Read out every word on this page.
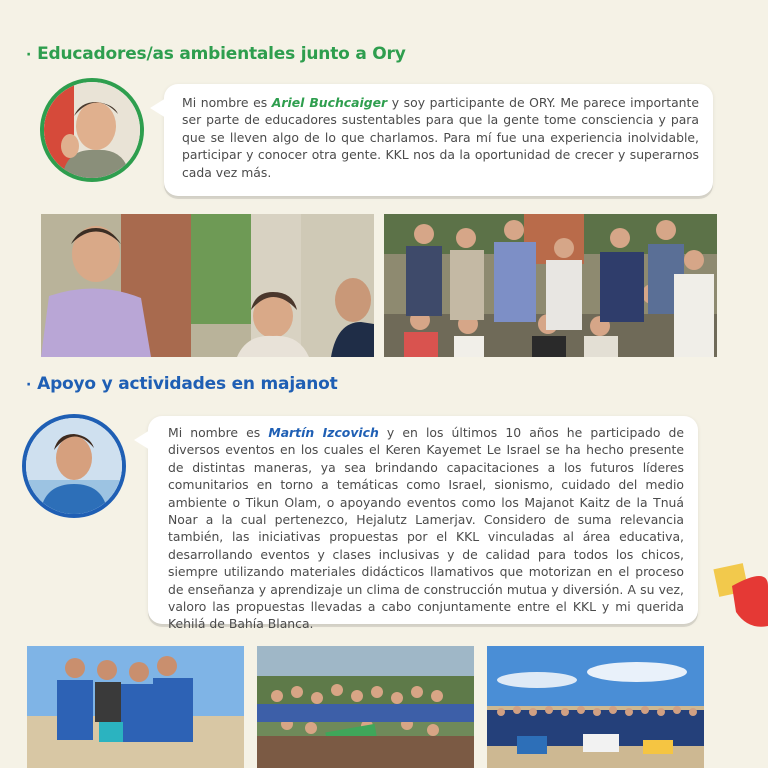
· Educadores/as ambientales junto a Ory
Mi nombre es Ariel Buchcaiger y soy participante de ORY. Me parece importante ser parte de educadores sustentables para que la gente tome consciencia y para que se lleven algo de lo que charlamos. Para mí fue una experiencia inolvidable, participar y conocer otra gente. KKL nos da la oportunidad de crecer y superarnos cada vez más.
· Apoyo y actividades en majanot
Mi nombre es Martín Izcovich y en los últimos 10 años he participado de diversos eventos en los cuales el Keren Kayemet Le Israel se ha hecho presente de distintas maneras, ya sea brindando capacitaciones a los futuros líderes comunitarios en torno a temáticas como Israel, sionismo, cuidado del medio ambiente o Tikun Olam, o apoyando eventos como los Majanot Kaitz de la Tnuá Noar a la cual pertenezco, Hejalutz Lamerjav. Considero de suma relevancia también, las iniciativas propuestas por el KKL vinculadas al área educativa, desarrollando eventos y clases inclusivas y de calidad para todos los chicos, siempre utilizando materiales didácticos llamativos que motorizan en el proceso de enseñanza y aprendizaje un clima de construcción mutua y diversión. A su vez, valoro las propuestas llevadas a cabo conjuntamente entre el KKL y mi querida Kehilá de Bahía Blanca.
